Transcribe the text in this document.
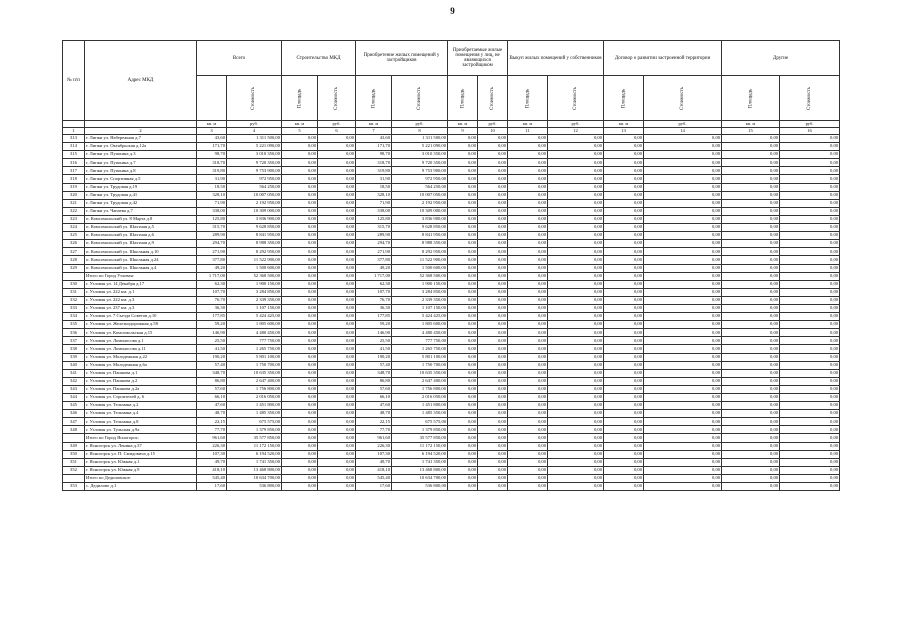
9
№ п/п	Адрес МКД	Всего		Строительство МКД		Приобретение жилых помещений у застройщиков		Приобретаемые жилые помещения у лиц, не являющихся застройщиком		Выкуп жилых помещений у собственников		Договор о развитии застроенной территории		Другие	
	Стоимость	Площадь	Стоимость	Площадь	Стоимость	Площадь	Стоимость	Площадь	Стоимость	Площадь	Стоимость	Площадь	Стоимость
		кв. м	руб.	кв. м	руб.	кв. м	руб.	кв. м	руб.	кв. м	руб.	кв. м	руб.	кв. м	руб.
1	2	3	4	5	6	7	8	9	10	11	12	13	14	15	16
313	г. Липки ул. Набережная д.7	43,60	1 311 500,00	0,00	0,00	43,60	1 311 500,00	0,00	0,00	0,00	0,00	0,00	0,00	0,00	0,00
314	г. Липки ул. Октябрьская д.12а	171,70	5 221 090,00	0,00	0,00	171,70	5 221 090,00	0,00	0,00	0,00	0,00	0,00	0,00	0,00	0,00
315	г. Липки ул. Пушкина д.3	98,70	3 010 350,00	0,00	0,00	98,70	3 010 350,00	0,00	0,00	0,00	0,00	0,00	0,00	0,00	0,00
316	г. Липки ул. Пушкина д.7	318,70	9 720 350,00	0,00	0,00	318,70	9 720 350,00	0,00	0,00	0,00	0,00	0,00	0,00	0,00	0,00
317	г. Липки ул. Пушкина д.8	319,80	9 753 900,00	0,00	0,00	319,80	9 753 900,00	0,00	0,00	0,00	0,00	0,00	0,00	0,00	0,00
318	г. Липки ул. Спортивная д.5	31,90	972 950,00	0,00	0,00	31,90	972 950,00	0,00	0,00	0,00	0,00	0,00	0,00	0,00	0,00
319	г. Липки ул. Трудовая д.19	18,50	564 250,00	0,00	0,00	18,50	564 250,00	0,00	0,00	0,00	0,00	0,00	0,00	0,00	0,00
320	г. Липки ул. Трудовая д.41	328,10	10 007 050,00	0,00	0,00	328,10	10 007 050,00	0,00	0,00	0,00	0,00	0,00	0,00	0,00	0,00
321	г. Липки ул. Трудовая д.42	71,90	2 192 950,00	0,00	0,00	71,90	2 192 950,00	0,00	0,00	0,00	0,00	0,00	0,00	0,00	0,00
322	г. Липки ул. Чапаева д.7	338,00	10 309 000,00	0,00	0,00	338,00	10 309 000,00	0,00	0,00	0,00	0,00	0,00	0,00	0,00	0,00
323	п. Комсомольский ул. 8 Марта д.8	125,80	3 836 900,00	0,00	0,00	125,80	3 836 900,00	0,00	0,00	0,00	0,00	0,00	0,00	0,00	0,00
324	п. Комсомольский ул. Шахтная д.5	315,70	9 628 850,00	0,00	0,00	315,70	9 628 850,00	0,00	0,00	0,00	0,00	0,00	0,00	0,00	0,00
325	п. Комсомольский ул. Шахтная д.6	289,90	8 841 950,00	0,00	0,00	289,90	8 841 950,00	0,00	0,00	0,00	0,00	0,00	0,00	0,00	0,00
326	п. Комсомольский ул. Шахтная д.9	294,70	8 988 350,00	0,00	0,00	294,70	8 988 350,00	0,00	0,00	0,00	0,00	0,00	0,00	0,00	0,00
327	п. Комсомольский ул. Школьная д.10	271,90	8 292 950,00	0,00	0,00	271,90	8 292 950,00	0,00	0,00	0,00	0,00	0,00	0,00	0,00	0,00
328	п. Комсомольский ул. Школьная д.24	377,80	11 522 900,00	0,00	0,00	377,80	11 522 900,00	0,00	0,00	0,00	0,00	0,00	0,00	0,00	0,00
329	п. Комсомольский ул. Школьная д.4	49,20	1 500 600,00	0,00	0,00	49,20	1 500 600,00	0,00	0,00	0,00	0,00	0,00	0,00	0,00	0,00
	Итого по Город Узловая:	1 717,00	52 368 500,00	0,00	0,00	1 717,00	52 368 500,00	0,00	0,00	0,00	0,00	0,00	0,00	0,00	0,00
330	г. Узловая ул. 14 Декабря д.17	62,30	1 900 150,00	0,00	0,00	62,30	1 900 150,00	0,00	0,00	0,00	0,00	0,00	0,00	0,00	0,00
331	г. Узловая ул. 222 км. д.1	107,70	3 284 850,00	0,00	0,00	107,70	3 284 850,00	0,00	0,00	0,00	0,00	0,00	0,00	0,00	0,00
332	г. Узловая ул. 222 км. д.3	76,70	2 339 350,00	0,00	0,00	76,70	2 339 350,00	0,00	0,00	0,00	0,00	0,00	0,00	0,00	0,00
333	г. Узловая ул. 237 км. д.3	36,30	1 107 150,00	0,00	0,00	36,30	1 107 150,00	0,00	0,00	0,00	0,00	0,00	0,00	0,00	0,00
334	г. Узловая ул. 7 Съезда Советов д.10	177,85	5 424 425,00	0,00	0,00	177,85	5 424 425,00	0,00	0,00	0,00	0,00	0,00	0,00	0,00	0,00
335	г. Узловая ул. Железнодорожная д.58	59,20	1 805 600,00	0,00	0,00	59,20	1 805 600,00	0,00	0,00	0,00	0,00	0,00	0,00	0,00	0,00
336	г. Узловая ул. Комсомольская д.15	146,90	4 480 450,00	0,00	0,00	146,90	4 480 450,00	0,00	0,00	0,00	0,00	0,00	0,00	0,00	0,00
337	г. Узловая ул. Ломоносова д.1	25,50	777 750,00	0,00	0,00	25,50	777 750,00	0,00	0,00	0,00	0,00	0,00	0,00	0,00	0,00
338	г. Узловая ул. Ломоносова д.11	41,50	1 265 750,00	0,00	0,00	41,50	1 265 750,00	0,00	0,00	0,00	0,00	0,00	0,00	0,00	0,00
339	г. Узловая ул. Молодежная д.22	190,20	5 801 100,00	0,00	0,00	190,20	5 801 100,00	0,00	0,00	0,00	0,00	0,00	0,00	0,00	0,00
340	г. Узловая ул. Молодежная д.6а	57,40	1 750 700,00	0,00	0,00	57,40	1 750 700,00	0,00	0,00	0,00	0,00	0,00	0,00	0,00	0,00
341	г. Узловая ул. Пашкова д.1	348,70	10 635 350,00	0,00	0,00	348,70	10 635 350,00	0,00	0,00	0,00	0,00	0,00	0,00	0,00	0,00
342	г. Узловая ул. Пашкова д.2	86,80	2 647 400,00	0,00	0,00	86,80	2 647 400,00	0,00	0,00	0,00	0,00	0,00	0,00	0,00	0,00
343	г. Узловая ул. Пашкова д.2а	57,60	1 756 800,00	0,00	0,00	57,60	1 756 800,00	0,00	0,00	0,00	0,00	0,00	0,00	0,00	0,00
344	г. Узловая ул. Строителей д. 6	66,10	2 016 050,00	0,00	0,00	66,10	2 016 050,00	0,00	0,00	0,00	0,00	0,00	0,00	0,00	0,00
345	г. Узловая ул. Тельмана д.2	47,60	1 451 800,00	0,00	0,00	47,60	1 451 800,00	0,00	0,00	0,00	0,00	0,00	0,00	0,00	0,00
346	г. Узловая ул. Тельмана д.4	48,70	1 485 350,00	0,00	0,00	48,70	1 485 350,00	0,00	0,00	0,00	0,00	0,00	0,00	0,00	0,00
347	г. Узловая ул. Тельмана д.8	22,15	675 575,00	0,00	0,00	22,15	675 575,00	0,00	0,00	0,00	0,00	0,00	0,00	0,00	0,00
348	г. Узловая ул. Тульская д.9а	77,70	1 379 850,00	0,00	0,00	77,70	1 379 850,00	0,00	0,00	0,00	0,00	0,00	0,00	0,00	0,00
	Итого по Город Ясногорск:	961,60	35 577 850,00	0,00	0,00	961,60	35 577 850,00	0,00	0,00	0,00	0,00	0,00	0,00	0,00	0,00
349	г. Ясногорск ул. Ленина д.37	226,30	11 172 150,00	0,00	0,00	226,30	11 172 150,00	0,00	0,00	0,00	0,00	0,00	0,00	0,00	0,00
350	г. Ясногорск ул. П. Смидовича д.15	107,30	6 194 520,00	0,00	0,00	107,30	6 194 520,00	0,00	0,00	0,00	0,00	0,00	0,00	0,00	0,00
351	г. Ясногорск ул. Южная д.1	49,70	1 741 350,00	0,00	0,00	49,70	1 741 350,00	0,00	0,00	0,00	0,00	0,00	0,00	0,00	0,00
352	г. Ясногорск ул. Южная д.9	418,10	13 468 800,00	0,00	0,00	418,10	13 468 800,00	0,00	0,00	0,00	0,00	0,00	0,00	0,00	0,00
	Итого по Дедиловское:	545,40	10 634 700,00	0,00	0,00	545,40	10 634 700,00	0,00	0,00	0,00	0,00	0,00	0,00	0,00	0,00
353	с. Дедилово д.1	17,60	536 800,00	0,00	0,00	17,60	536 800,00	0,00	0,00	0,00	0,00	0,00	0,00	0,00	0,00
